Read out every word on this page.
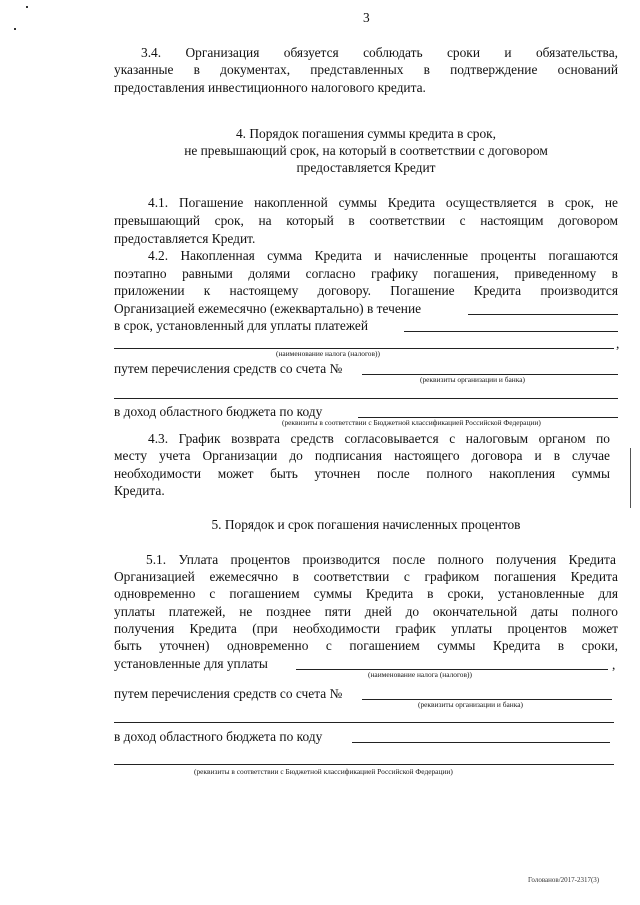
3
3.4. Организация обязуется соблюдать сроки и обязательства,
указанные в документах, представленных в подтверждение оснований
предоставления инвестиционного налогового кредита.
4. Порядок погашения суммы кредита в срок,
не превышающий срок, на который в соответствии с договором
предоставляется Кредит
4.1. Погашение накопленной суммы Кредита осуществляется в срок, не
превышающий срок, на который в соответствии с настоящим договором
предоставляется Кредит.
4.2. Накопленная сумма Кредита и начисленные проценты погашаются
поэтапно равными долями согласно графику погашения, приведенному в
приложении к настоящему договору. Погашение Кредита производится
Организацией ежемесячно (ежеквартально) в течение
в срок, установленный для уплаты платежей
,
(наименование налога (налогов))
путем перечисления средств со счета №
(реквизиты организации и банка)
в доход областного бюджета по коду
(реквизиты в соответствии с Бюджетной классификацией Российской Федерации)
4.3. График возврата средств согласовывается с налоговым органом по
месту учета Организации до подписания настоящего договора и в случае
необходимости может быть уточнен после полного накопления суммы
Кредита.
5. Порядок и срок погашения начисленных процентов
5.1. Уплата процентов производится после полного получения Кредита
Организацией ежемесячно в соответствии с графиком погашения Кредита
одновременно с погашением суммы Кредита в сроки, установленные для
уплаты платежей, не позднее пяти дней до окончательной даты полного
получения Кредита (при необходимости график уплаты процентов может
быть уточнен) одновременно с погашением суммы Кредита в сроки,
установленные для уплаты	,
(наименование налога (налогов))
путем перечисления средств со счета №
(реквизиты организации и банка)
в доход областного бюджета по коду
(реквизиты в соответствии с Бюджетной классификацией Российской Федерации)
Голованов/2017-2317(3)
